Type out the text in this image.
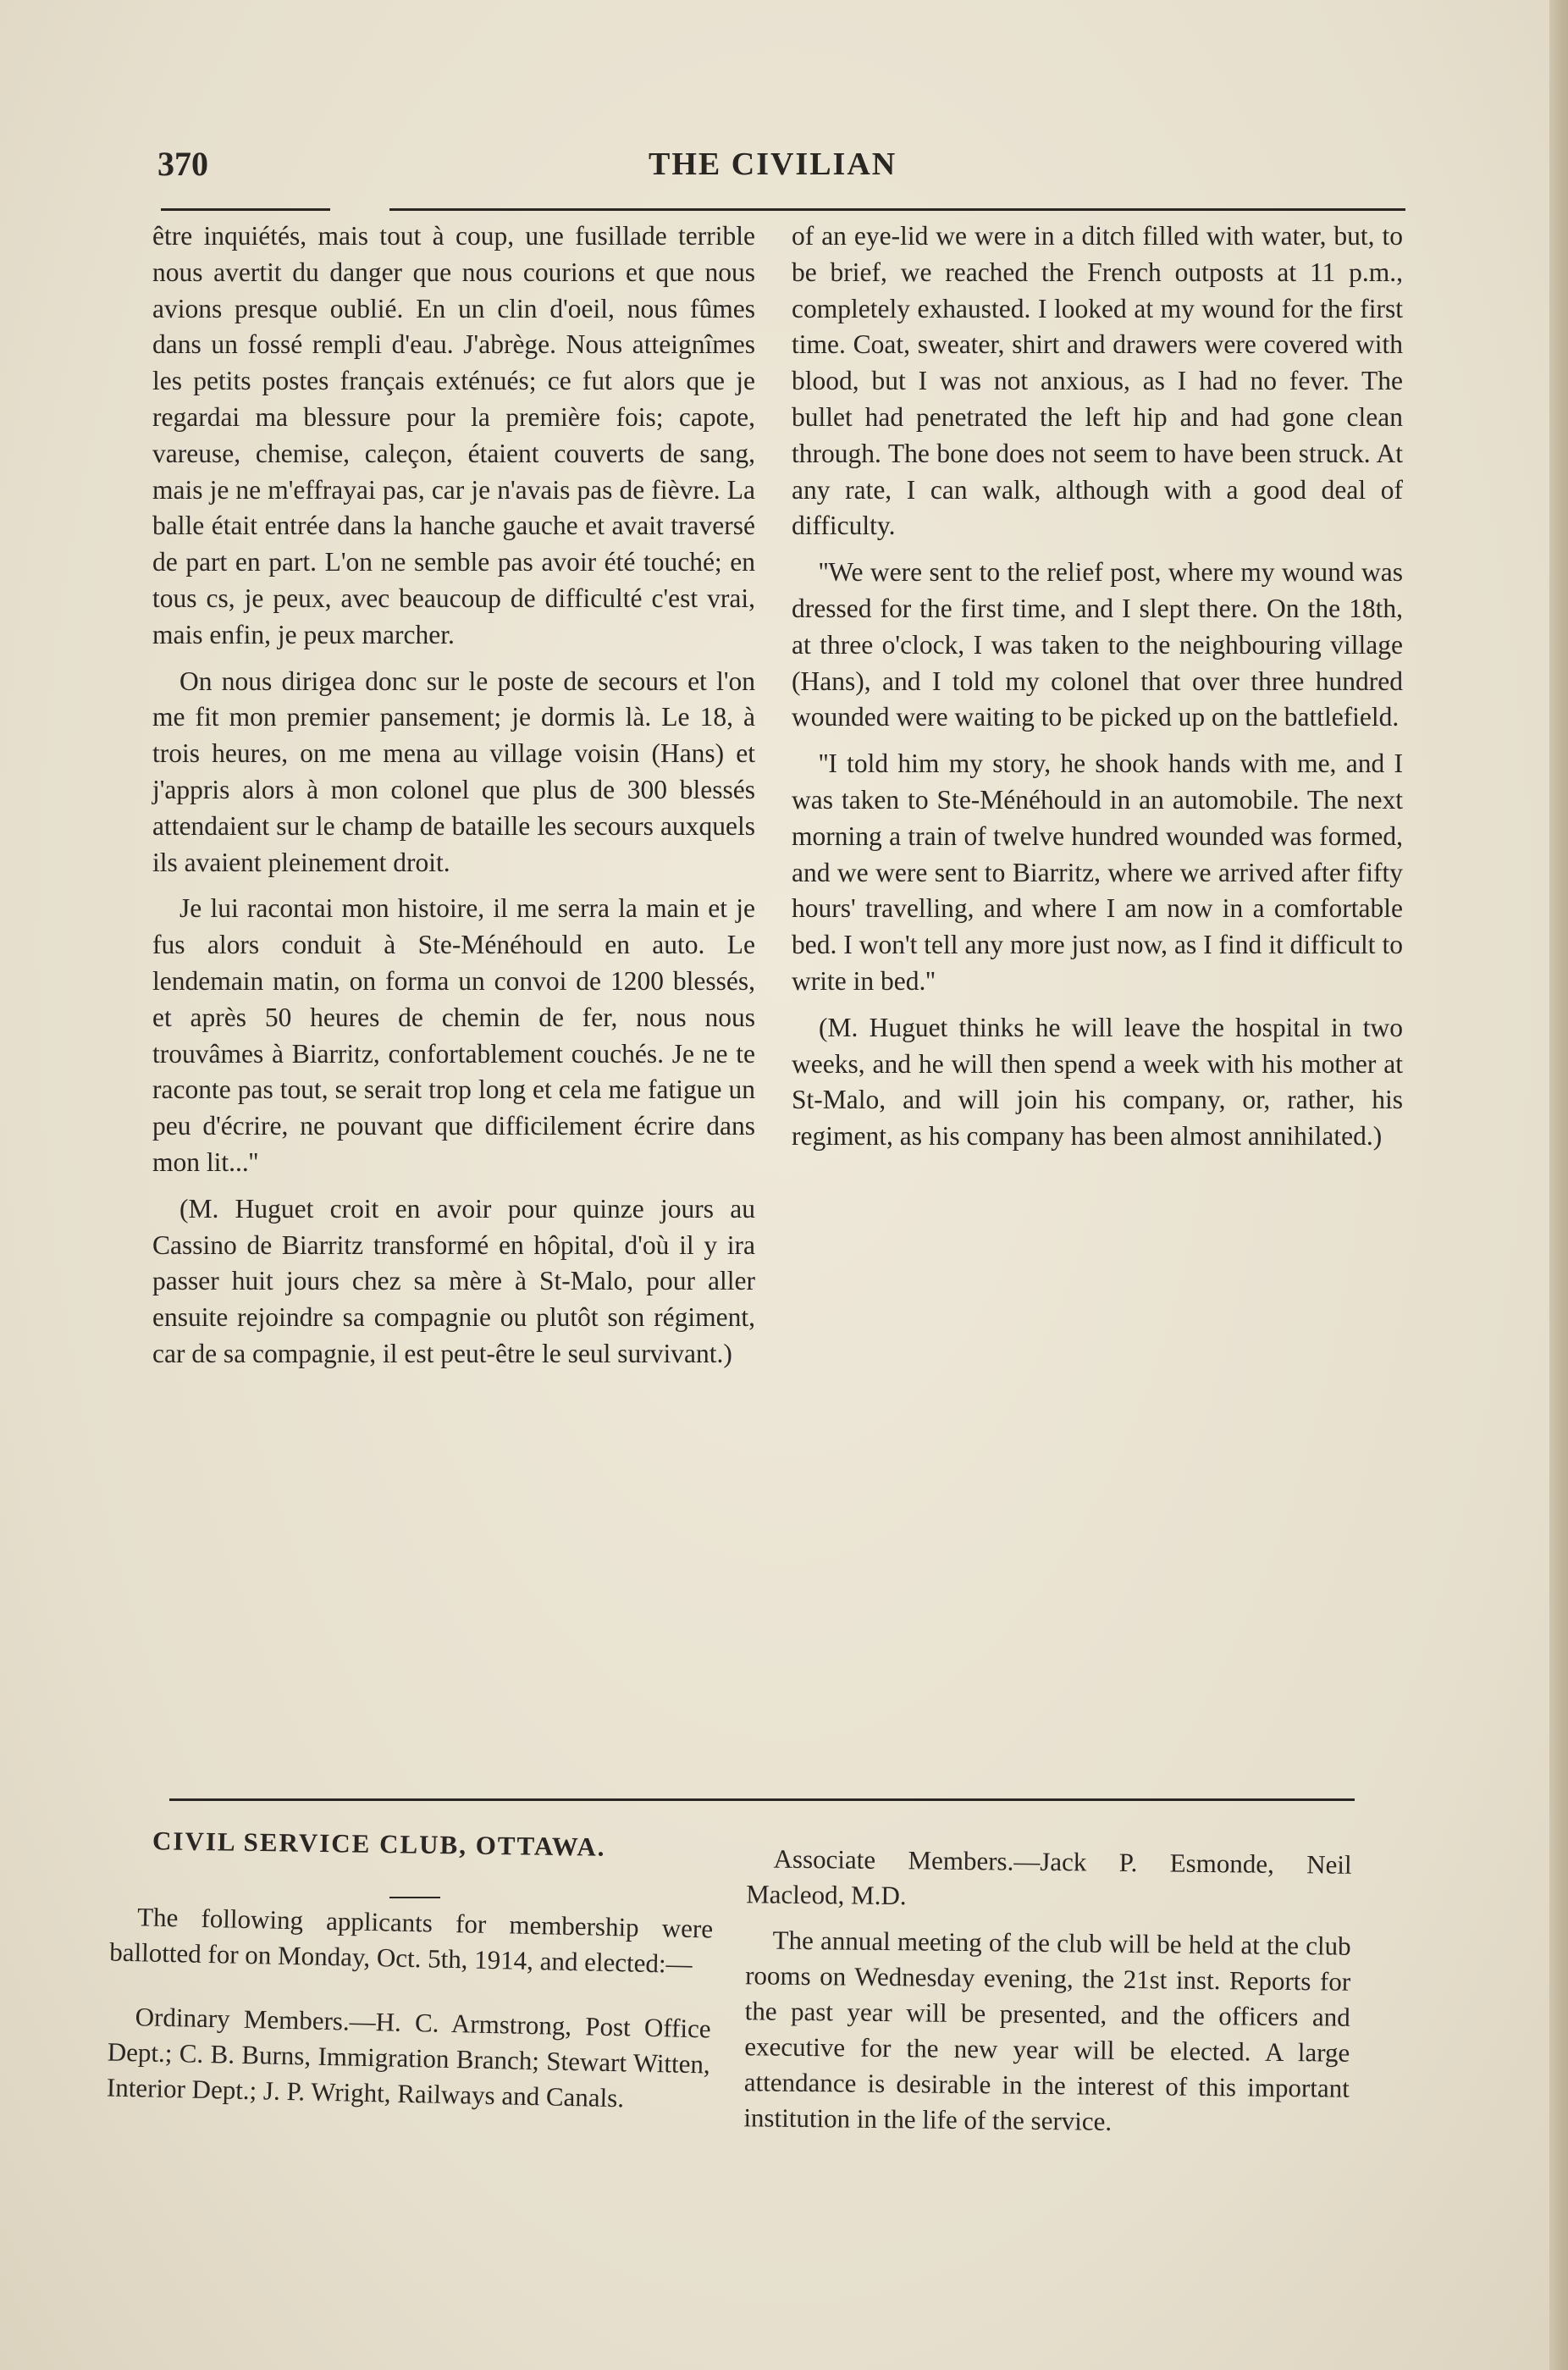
370	THE CIVILIAN

être inquiétés, mais tout à coup, une fusillade terrible nous avertit du danger que nous courions et que nous avions presque oublié. En un clin d'oeil, nous fûmes dans un fossé rempli d'eau. J'abrège. Nous atteignîmes les petits postes français exténués; ce fut alors que je regardai ma blessure pour la première fois; capote, vareuse, chemise, caleçon, étaient couverts de sang, mais je ne m'effrayai pas, car je n'avais pas de fièvre. La balle était entrée dans la hanche gauche et avait traversé de part en part. L'on ne semble pas avoir été touché; en tous cs, je peux, avec beaucoup de difficulté c'est vrai, mais enfin, je peux marcher.

On nous dirigea donc sur le poste de secours et l'on me fit mon premier pansement; je dormis là. Le 18, à trois heures, on me mena au village voisin (Hans) et j'appris alors à mon colonel que plus de 300 blessés attendaient sur le champ de bataille les secours auxquels ils avaient pleinement droit.

Je lui racontai mon histoire, il me serra la main et je fus alors conduit à Ste-Ménéhould en auto. Le lendemain matin, on forma un convoi de 1200 blessés, et après 50 heures de chemin de fer, nous nous trouvâmes à Biarritz, confortablement couchés. Je ne te raconte pas tout, se serait trop long et cela me fatigue un peu d'écrire, ne pouvant que difficilement écrire dans mon lit...''

(M. Huguet croit en avoir pour quinze jours au Cassino de Biarritz transformé en hôpital, d'où il y ira passer huit jours chez sa mère à St-Malo, pour aller ensuite rejoindre sa compagnie ou plutôt son régiment, car de sa compagnie, il est peut-être le seul survivant.)

of an eye-lid we were in a ditch filled with water, but, to be brief, we reached the French outposts at 11 p.m., completely exhausted. I looked at my wound for the first time. Coat, sweater, shirt and drawers were covered with blood, but I was not anxious, as I had no fever. The bullet had penetrated the left hip and had gone clean through. The bone does not seem to have been struck. At any rate, I can walk, although with a good deal of difficulty.

''We were sent to the relief post, where my wound was dressed for the first time, and I slept there. On the 18th, at three o'clock, I was taken to the neighbouring village (Hans), and I told my colonel that over three hundred wounded were waiting to be picked up on the battlefield.

''I told him my story, he shook hands with me, and I was taken to Ste-Ménéhould in an automobile. The next morning a train of twelve hundred wounded was formed, and we were sent to Biarritz, where we arrived after fifty hours' travelling, and where I am now in a comfortable bed. I won't tell any more just now, as I find it difficult to write in bed.''

(M. Huguet thinks he will leave the hospital in two weeks, and he will then spend a week with his mother at St-Malo, and will join his company, or, rather, his regiment, as his company has been almost annihilated.)

CIVIL SERVICE CLUB, OTTAWA.

The following applicants for membership were ballotted for on Monday, Oct. 5th, 1914, and elected:—

Ordinary Members.—H. C. Armstrong, Post Office Dept.; C. B. Burns, Immigration Branch; Stewart Witten, Interior Dept.; J. P. Wright, Railways and Canals.

Associate Members.—Jack P. Esmonde, Neil Macleod, M.D.

The annual meeting of the club will be held at the club rooms on Wednesday evening, the 21st inst. Reports for the past year will be presented, and the officers and executive for the new year will be elected. A large attendance is desirable in the interest of this important institution in the life of the service.
